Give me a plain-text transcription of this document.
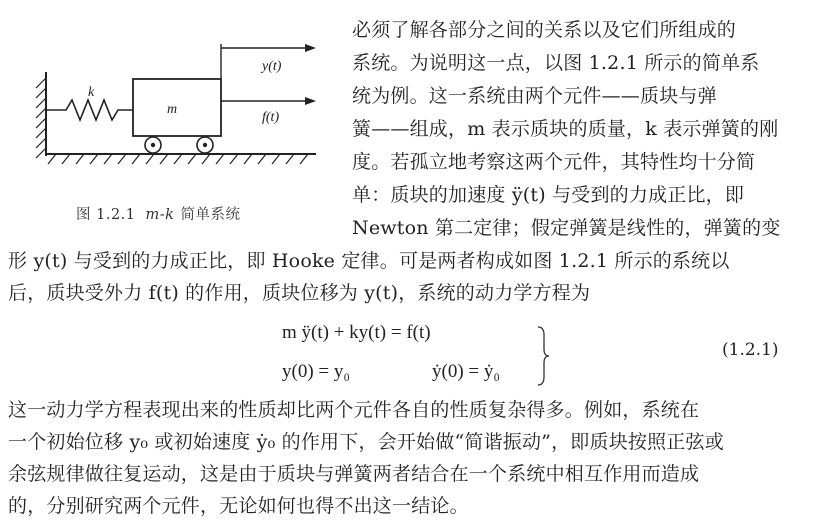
k
m
y(t)
f(t)
图 1.2.1 m-k 简单系统
必须了解各部分之间的关系以及它们所组成的
系统。为说明这一点，以图 1.2.1 所示的简单系
统为例。这一系统由两个元件——质块与弹
簧——组成，m 表示质块的质量，k 表示弹簧的刚
度。若孤立地考察这两个元件，其特性均十分简
单：质块的加速度 ÿ(t) 与受到的力成正比，即
Newton 第二定律；假定弹簧是线性的，弹簧的变
形 y(t) 与受到的力成正比，即 Hooke 定律。可是两者构成如图 1.2.1 所示的系统以
后，质块受外力 f(t) 的作用，质块位移为 y(t)，系统的动力学方程为
m ÿ(t) + ky(t) = f(t)
y(0) = y₀	ẏ(0) = ẏ₀
(1.2.1)
这一动力学方程表现出来的性质却比两个元件各自的性质复杂得多。例如，系统在
一个初始位移 y₀ 或初始速度 ẏ₀ 的作用下，会开始做“简谐振动”，即质块按照正弦或
余弦规律做往复运动，这是由于质块与弹簧两者结合在一个系统中相互作用而造成
的，分别研究两个元件，无论如何也得不出这一结论。
